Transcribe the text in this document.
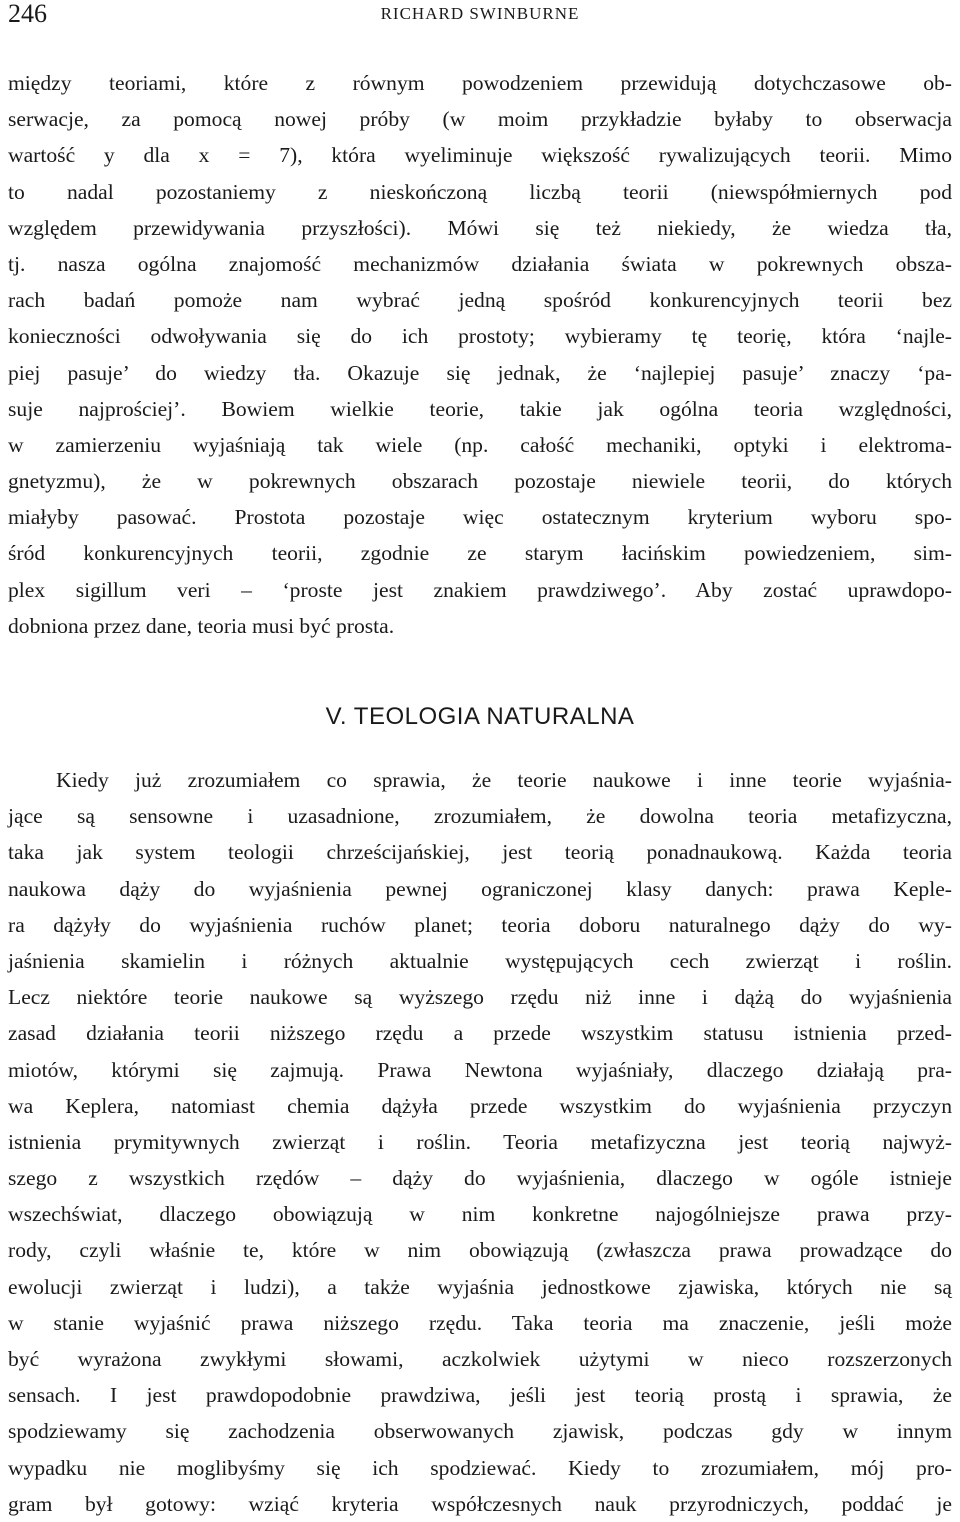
246	RICHARD SWINBURNE
między teoriami, które z równym powodzeniem przewidują dotychczasowe ob-
serwacje, za pomocą nowej próby (w moim przykładzie byłaby to obserwacja
wartość y dla x = 7), która wyeliminuje większość rywalizujących teorii. Mimo
to nadal pozostaniemy z nieskończoną liczbą teorii (niewspółmiernych pod
względem przewidywania przyszłości). Mówi się też niekiedy, że wiedza tła,
tj. nasza ogólna znajomość mechanizmów działania świata w pokrewnych obsza-
rach badań pomoże nam wybrać jedną spośród konkurencyjnych teorii bez
konieczności odwoływania się do ich prostoty; wybieramy tę teorię, która ‘najle-
piej pasuje’ do wiedzy tła. Okazuje się jednak, że ‘najlepiej pasuje’ znaczy ‘pa-
suje najprościej’. Bowiem wielkie teorie, takie jak ogólna teoria względności,
w zamierzeniu wyjaśniają tak wiele (np. całość mechaniki, optyki i elektroma-
gnetyzmu), że w pokrewnych obszarach pozostaje niewiele teorii, do których
miałyby pasować. Prostota pozostaje więc ostatecznym kryterium wyboru spo-
śród konkurencyjnych teorii, zgodnie ze starym łacińskim powiedzeniem, sim-
plex sigillum veri – ‘proste jest znakiem prawdziwego’. Aby zostać uprawdopo-
dobniona przez dane, teoria musi być prosta.
V. TEOLOGIA NATURALNA
Kiedy już zrozumiałem co sprawia, że teorie naukowe i inne teorie wyjaśnia-
jące są sensowne i uzasadnione, zrozumiałem, że dowolna teoria metafizyczna,
taka jak system teologii chrześcijańskiej, jest teorią ponadnaukową. Każda teoria
naukowa dąży do wyjaśnienia pewnej ograniczonej klasy danych: prawa Keple-
ra dążyły do wyjaśnienia ruchów planet; teoria doboru naturalnego dąży do wy-
jaśnienia skamielin i różnych aktualnie występujących cech zwierząt i roślin.
Lecz niektóre teorie naukowe są wyższego rzędu niż inne i dążą do wyjaśnienia
zasad działania teorii niższego rzędu a przede wszystkim statusu istnienia przed-
miotów, którymi się zajmują. Prawa Newtona wyjaśniały, dlaczego działają pra-
wa Keplera, natomiast chemia dążyła przede wszystkim do wyjaśnienia przyczyn
istnienia prymitywnych zwierząt i roślin. Teoria metafizyczna jest teorią najwyż-
szego z wszystkich rzędów – dąży do wyjaśnienia, dlaczego w ogóle istnieje
wszechświat, dlaczego obowiązują w nim konkretne najogólniejsze prawa przy-
rody, czyli właśnie te, które w nim obowiązują (zwłaszcza prawa prowadzące do
ewolucji zwierząt i ludzi), a także wyjaśnia jednostkowe zjawiska, których nie są
w stanie wyjaśnić prawa niższego rzędu. Taka teoria ma znaczenie, jeśli może
być wyrażona zwykłymi słowami, aczkolwiek użytymi w nieco rozszerzonych
sensach. I jest prawdopodobnie prawdziwa, jeśli jest teorią prostą i sprawia, że
spodziewamy się zachodzenia obserwowanych zjawisk, podczas gdy w innym
wypadku nie moglibyśmy się ich spodziewać. Kiedy to zrozumiałem, mój pro-
gram był gotowy: wziąć kryteria współczesnych nauk przyrodniczych, poddać je
